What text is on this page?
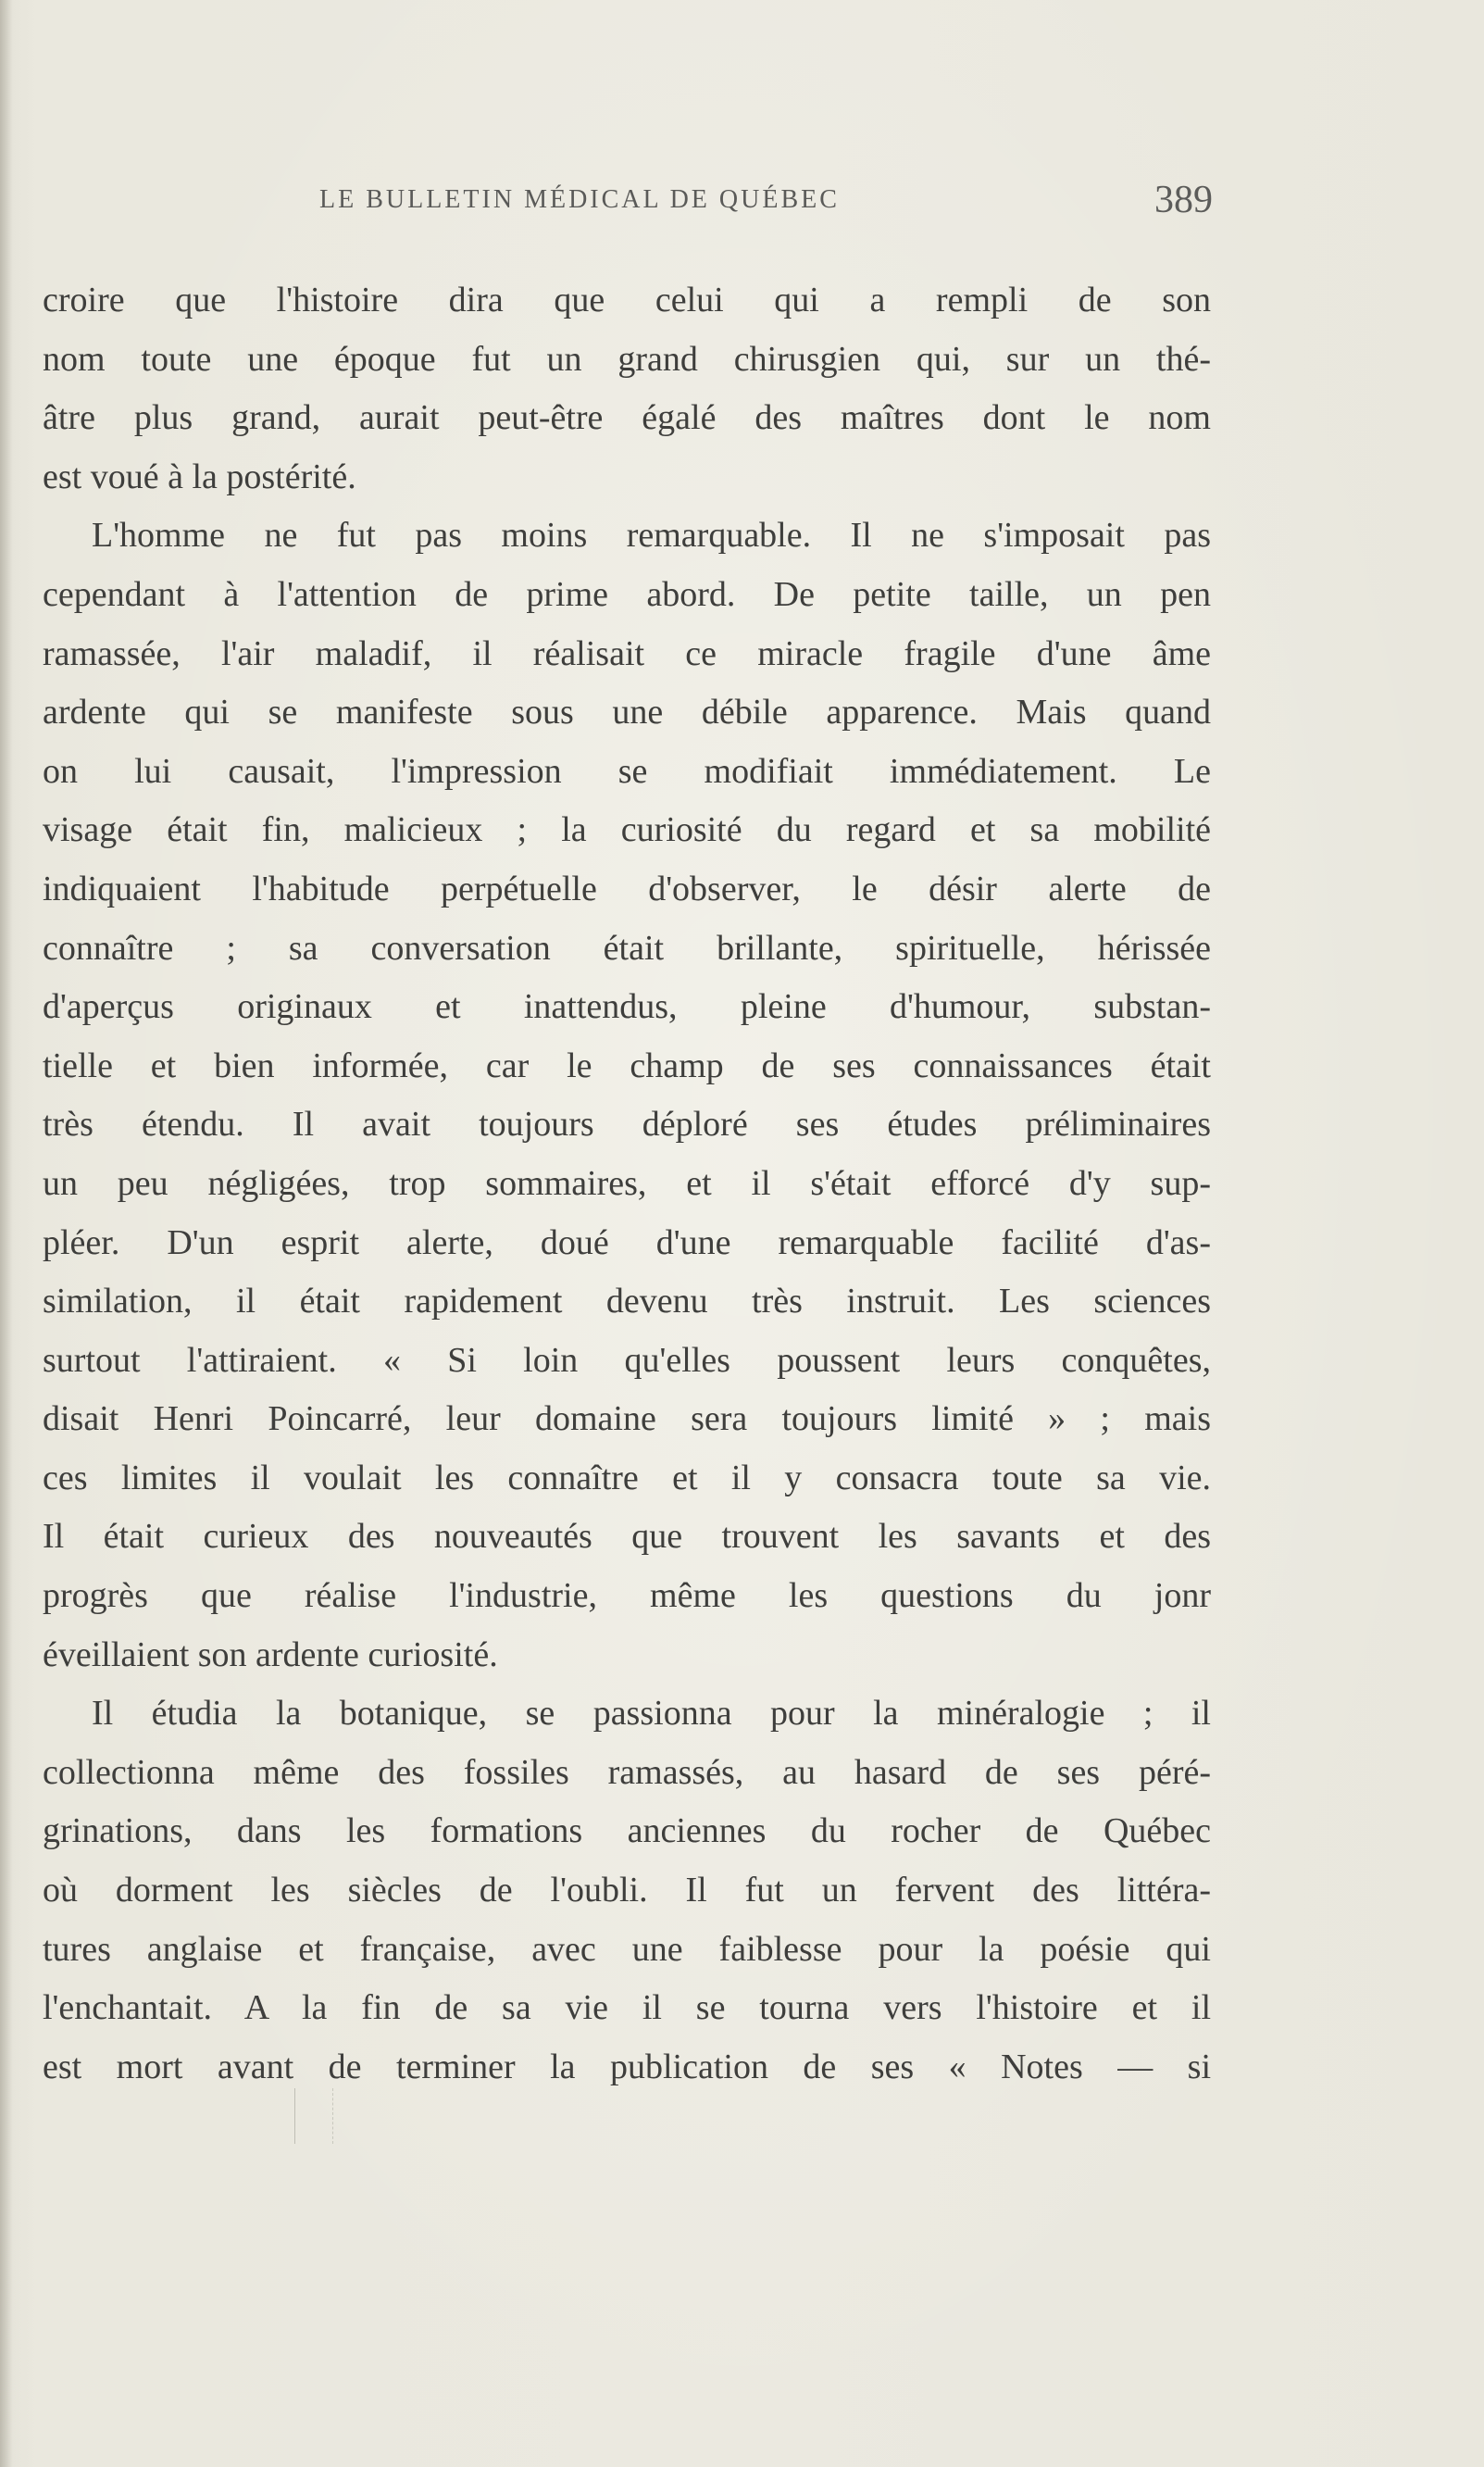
LE BULLETIN MÉDICAL DE QUÉBEC	389
croire que l'histoire dira que celui qui a rempli de son
nom toute une époque fut un grand chirusgien qui, sur un thé-
âtre plus grand, aurait peut-être égalé des maîtres dont le nom
est voué à la postérité.
L'homme ne fut pas moins remarquable. Il ne s'imposait pas
cependant à l'attention de prime abord. De petite taille, un pen
ramassée, l'air maladif, il réalisait ce miracle fragile d'une âme
ardente qui se manifeste sous une débile apparence. Mais quand
on lui causait, l'impression se modifiait immédiatement. Le
visage était fin, malicieux ; la curiosité du regard et sa mobilité
indiquaient l'habitude perpétuelle d'observer, le désir alerte de
connaître ; sa conversation était brillante, spirituelle, hérissée
d'aperçus originaux et inattendus, pleine d'humour, substan-
tielle et bien informée, car le champ de ses connaissances était
très étendu. Il avait toujours déploré ses études préliminaires
un peu négligées, trop sommaires, et il s'était efforcé d'y sup-
pléer. D'un esprit alerte, doué d'une remarquable facilité d'as-
similation, il était rapidement devenu très instruit. Les sciences
surtout l'attiraient. « Si loin qu'elles poussent leurs conquêtes,
disait Henri Poincarré, leur domaine sera toujours limité » ; mais
ces limites il voulait les connaître et il y consacra toute sa vie.
Il était curieux des nouveautés que trouvent les savants et des
progrès que réalise l'industrie, même les questions du jonr
éveillaient son ardente curiosité.
Il étudia la botanique, se passionna pour la minéralogie ; il
collectionna même des fossiles ramassés, au hasard de ses péré-
grinations, dans les formations anciennes du rocher de Québec
où dorment les siècles de l'oubli. Il fut un fervent des littéra-
tures anglaise et française, avec une faiblesse pour la poésie qui
l'enchantait. A la fin de sa vie il se tourna vers l'histoire et il
est mort avant de terminer la publication de ses « Notes — si
